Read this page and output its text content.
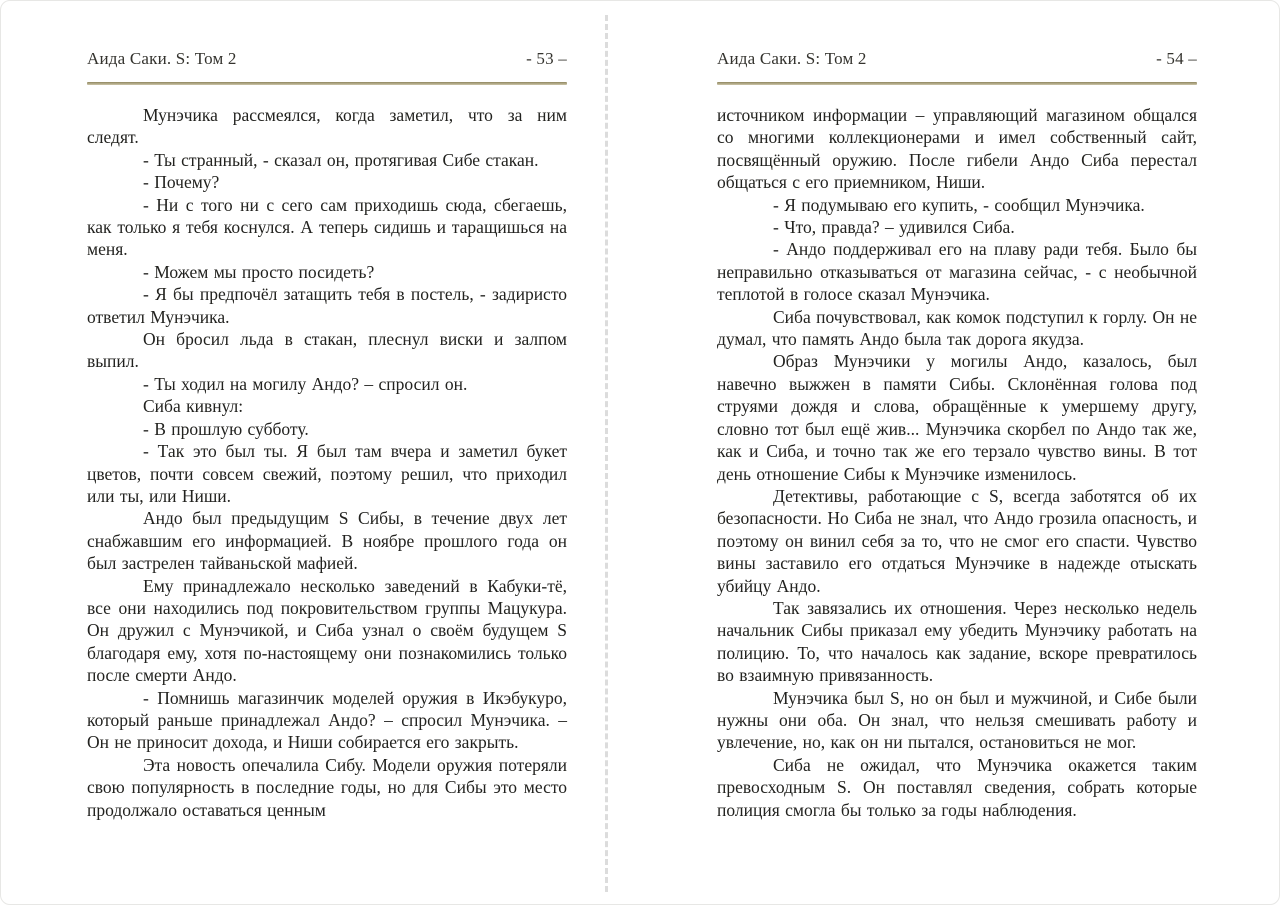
Аида Саки. S: Том 2	- 53 –

Мунэчика рассмеялся, когда заметил, что за ним следят.

- Ты странный, - сказал он, протягивая Сибе стакан.

- Почему?

- Ни с того ни с сего сам приходишь сюда, сбегаешь, как только я тебя коснулся. А теперь сидишь и таращишься на меня.

- Можем мы просто посидеть?

- Я бы предпочёл затащить тебя в постель, - задиристо ответил Мунэчика.

Он бросил льда в стакан, плеснул виски и залпом выпил.

- Ты ходил на могилу Андо? – спросил он.

Сиба кивнул:

- В прошлую субботу.

- Так это был ты. Я был там вчера и заметил букет цветов, почти совсем свежий, поэтому решил, что приходил или ты, или Ниши.

Андо был предыдущим S Сибы, в течение двух лет снабжавшим его информацией. В ноябре прошлого года он был застрелен тайваньской мафией.

Ему принадлежало несколько заведений в Кабуки-тё, все они находились под покровительством группы Мацукура. Он дружил с Мунэчикой, и Сиба узнал о своём будущем S благодаря ему, хотя по-настоящему они познакомились только после смерти Андо.

- Помнишь магазинчик моделей оружия в Икэбукуро, который раньше принадлежал Андо? – спросил Мунэчика. – Он не приносит дохода, и Ниши собирается его закрыть.

Эта новость опечалила Сибу. Модели оружия потеряли свою популярность в последние годы, но для Сибы это место продолжало оставаться ценным

Аида Саки. S: Том 2	- 54 –

источником информации – управляющий магазином общался со многими коллекционерами и имел собственный сайт, посвящённый оружию. После гибели Андо Сиба перестал общаться с его приемником, Ниши.

- Я подумываю его купить, - сообщил Мунэчика.

- Что, правда? – удивился Сиба.

- Андо поддерживал его на плаву ради тебя. Было бы неправильно отказываться от магазина сейчас, - с необычной теплотой в голосе сказал Мунэчика.

Сиба почувствовал, как комок подступил к горлу. Он не думал, что память Андо была так дорога якудза.

Образ Мунэчики у могилы Андо, казалось, был навечно выжжен в памяти Сибы. Склонённая голова под струями дождя и слова, обращённые к умершему другу, словно тот был ещё жив... Мунэчика скорбел по Андо так же, как и Сиба, и точно так же его терзало чувство вины. В тот день отношение Сибы к Мунэчике изменилось.

Детективы, работающие с S, всегда заботятся об их безопасности. Но Сиба не знал, что Андо грозила опасность, и поэтому он винил себя за то, что не смог его спасти. Чувство вины заставило его отдаться Мунэчике в надежде отыскать убийцу Андо.

Так завязались их отношения. Через несколько недель начальник Сибы приказал ему убедить Мунэчику работать на полицию. То, что началось как задание, вскоре превратилось во взаимную привязанность.

Мунэчика был S, но он был и мужчиной, и Сибе были нужны они оба. Он знал, что нельзя смешивать работу и увлечение, но, как он ни пытался, остановиться не мог.

Сиба не ожидал, что Мунэчика окажется таким превосходным S. Он поставлял сведения, собрать которые полиция смогла бы только за годы наблюдения.
